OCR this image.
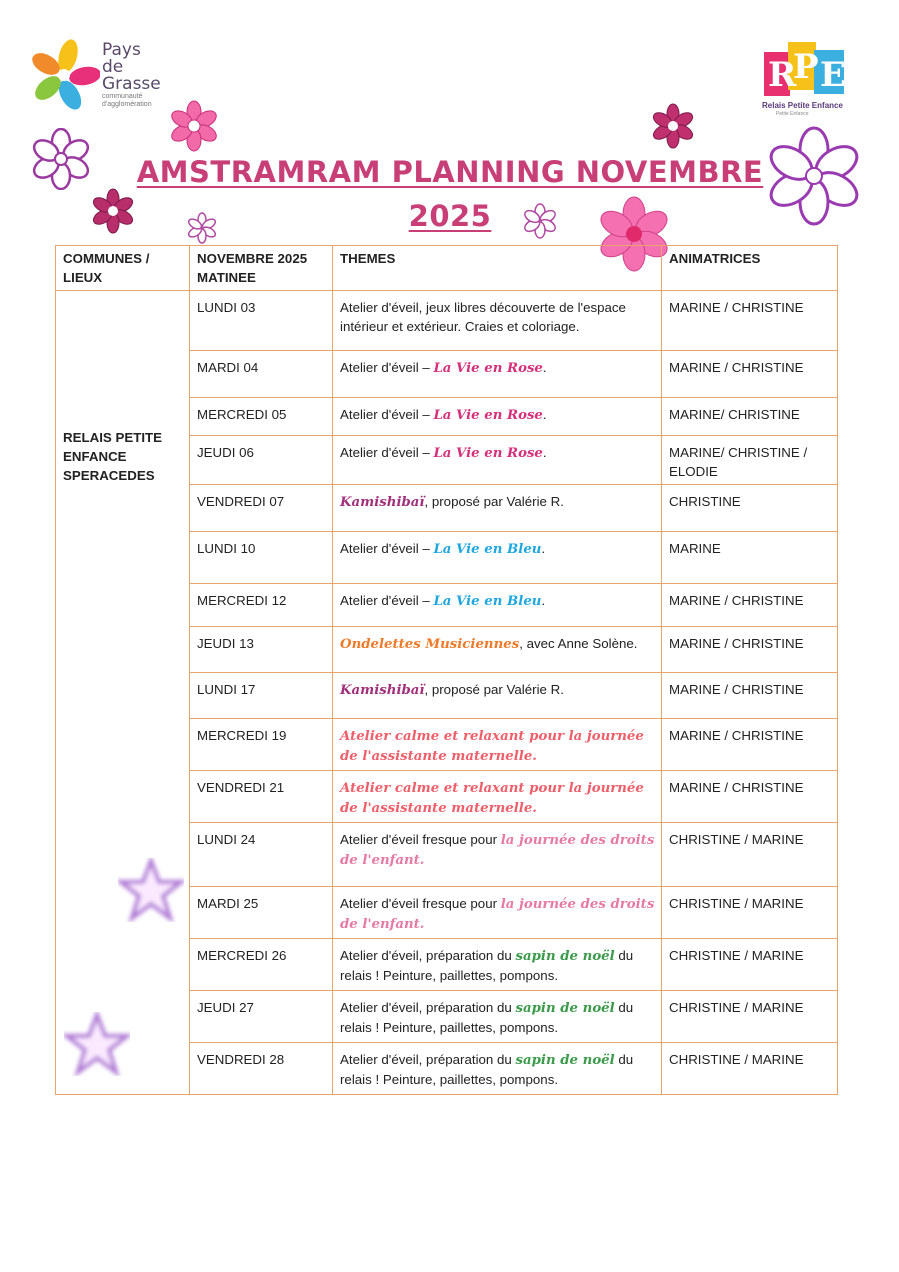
Pays
de
Grasse
communauté d'agglomération
R
P E
Relais Petite Enfance
Petite Enfance
AMSTRAMRAM PLANNING NOVEMBRE
2025
COMMUNES / LIEUX	NOVEMBRE 2025 MATINEE	THEMES	ANIMATRICES
RELAIS PETITE ENFANCE SPERACEDES	LUNDI 03	Atelier d'éveil, jeux libres découverte de l'espace intérieur et extérieur. Craies et coloriage.	MARINE / CHRISTINE
	MARDI 04	Atelier d'éveil – La Vie en Rose.	MARINE / CHRISTINE
	MERCREDI 05	Atelier d'éveil – La Vie en Rose.	MARINE/ CHRISTINE
	JEUDI 06	Atelier d'éveil – La Vie en Rose.	MARINE/ CHRISTINE / ELODIE
	VENDREDI 07	Kamishibaï, proposé par Valérie R.	CHRISTINE
	LUNDI 10	Atelier d'éveil – La Vie en Bleu.	MARINE
	MERCREDI 12	Atelier d'éveil – La Vie en Bleu.	MARINE / CHRISTINE
	JEUDI 13	Ondelettes Musiciennes, avec Anne Solène.	MARINE / CHRISTINE
	LUNDI 17	Kamishibaï, proposé par Valérie R.	MARINE / CHRISTINE
	MERCREDI 19	Atelier calme et relaxant pour la journée de l'assistante maternelle.	MARINE / CHRISTINE
	VENDREDI 21	Atelier calme et relaxant pour la journée de l'assistante maternelle.	MARINE / CHRISTINE
	LUNDI 24	Atelier d'éveil fresque pour la journée des droits de l'enfant.	CHRISTINE / MARINE
	MARDI 25	Atelier d'éveil fresque pour la journée des droits de l'enfant.	CHRISTINE / MARINE
	MERCREDI 26	Atelier d'éveil, préparation du sapin de noël du relais ! Peinture, paillettes, pompons.	CHRISTINE / MARINE
	JEUDI 27	Atelier d'éveil, préparation du sapin de noël du relais ! Peinture, paillettes, pompons.	CHRISTINE / MARINE
	VENDREDI 28	Atelier d'éveil, préparation du sapin de noël du relais ! Peinture, paillettes, pompons.	CHRISTINE / MARINE
